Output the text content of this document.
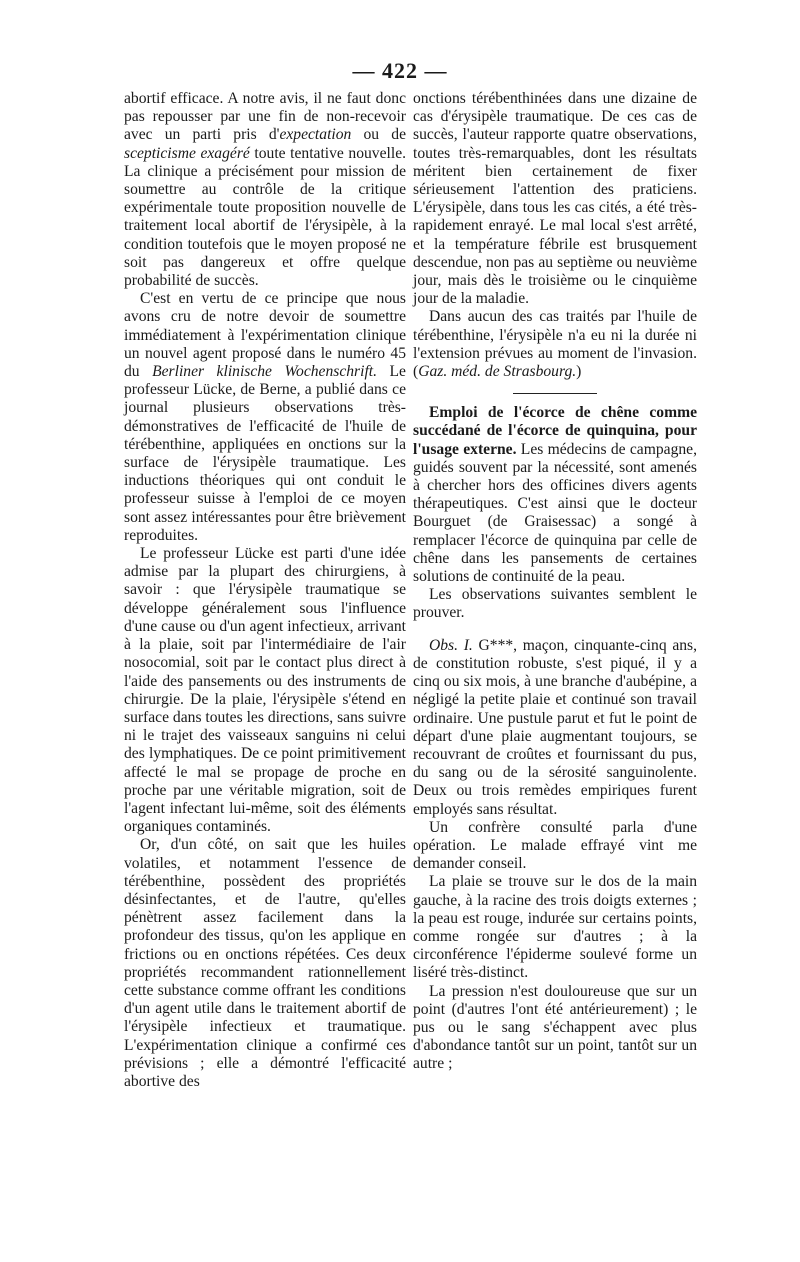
— 422 —

abortif efficace. A notre avis, il ne faut donc pas repousser par une fin de non-recevoir avec un parti pris d'expectation ou de scepticisme exagéré toute tentative nouvelle. La clinique a précisément pour mission de soumettre au contrôle de la critique expérimentale toute proposition nouvelle de traitement local abortif de l'érysipèle, à la condition toutefois que le moyen proposé ne soit pas dangereux et offre quelque probabilité de succès.

C'est en vertu de ce principe que nous avons cru de notre devoir de soumettre immédiatement à l'expérimentation clinique un nouvel agent proposé dans le numéro 45 du Berliner klinische Wochenschrift. Le professeur Lücke, de Berne, a publié dans ce journal plusieurs observations très-démonstratives de l'efficacité de l'huile de térébenthine, appliquées en onctions sur la surface de l'érysipèle traumatique. Les inductions théoriques qui ont conduit le professeur suisse à l'emploi de ce moyen sont assez intéressantes pour être brièvement reproduites.

Le professeur Lücke est parti d'une idée admise par la plupart des chirurgiens, à savoir : que l'érysipèle traumatique se développe généralement sous l'influence d'une cause ou d'un agent infectieux, arrivant à la plaie, soit par l'intermédiaire de l'air nosocomial, soit par le contact plus direct à l'aide des pansements ou des instruments de chirurgie. De la plaie, l'érysipèle s'étend en surface dans toutes les directions, sans suivre ni le trajet des vaisseaux sanguins ni celui des lymphatiques. De ce point primitivement affecté le mal se propage de proche en proche par une véritable migration, soit de l'agent infectant lui-même, soit des éléments organiques contaminés.

Or, d'un côté, on sait que les huiles volatiles, et notamment l'essence de térébenthine, possèdent des propriétés désinfectantes, et de l'autre, qu'elles pénètrent assez facilement dans la profondeur des tissus, qu'on les applique en frictions ou en onctions répétées. Ces deux propriétés recommandent rationnellement cette substance comme offrant les conditions d'un agent utile dans le traitement abortif de l'érysipèle infectieux et traumatique. L'expérimentation clinique a confirmé ces prévisions ; elle a démontré l'efficacité abortive des

onctions térébenthinées dans une dizaine de cas d'érysipèle traumatique. De ces cas de succès, l'auteur rapporte quatre observations, toutes très-remarquables, dont les résultats méritent bien certainement de fixer sérieusement l'attention des praticiens. L'érysipèle, dans tous les cas cités, a été très-rapidement enrayé. Le mal local s'est arrêté, et la température fébrile est brusquement descendue, non pas au septième ou neuvième jour, mais dès le troisième ou le cinquième jour de la maladie.

Dans aucun des cas traités par l'huile de térébenthine, l'érysipèle n'a eu ni la durée ni l'extension prévues au moment de l'invasion. (Gaz. méd. de Strasbourg.)

Emploi de l'écorce de chêne comme succédané de l'écorce de quinquina, pour l'usage externe. Les médecins de campagne, guidés souvent par la nécessité, sont amenés à chercher hors des officines divers agents thérapeutiques. C'est ainsi que le docteur Bourguet (de Graisessac) a songé à remplacer l'écorce de quinquina par celle de chêne dans les pansements de certaines solutions de continuité de la peau.

Les observations suivantes semblent le prouver.

Obs. I. G***, maçon, cinquante-cinq ans, de constitution robuste, s'est piqué, il y a cinq ou six mois, à une branche d'aubépine, a négligé la petite plaie et continué son travail ordinaire. Une pustule parut et fut le point de départ d'une plaie augmentant toujours, se recouvrant de croûtes et fournissant du pus, du sang ou de la sérosité sanguinolente. Deux ou trois remèdes empiriques furent employés sans résultat.

Un confrère consulté parla d'une opération. Le malade effrayé vint me demander conseil.

La plaie se trouve sur le dos de la main gauche, à la racine des trois doigts externes ; la peau est rouge, indurée sur certains points, comme rongée sur d'autres ; à la circonférence l'épiderme soulevé forme un liséré très-distinct.

La pression n'est douloureuse que sur un point (d'autres l'ont été antérieurement) ; le pus ou le sang s'échappent avec plus d'abondance tantôt sur un point, tantôt sur un autre ;
